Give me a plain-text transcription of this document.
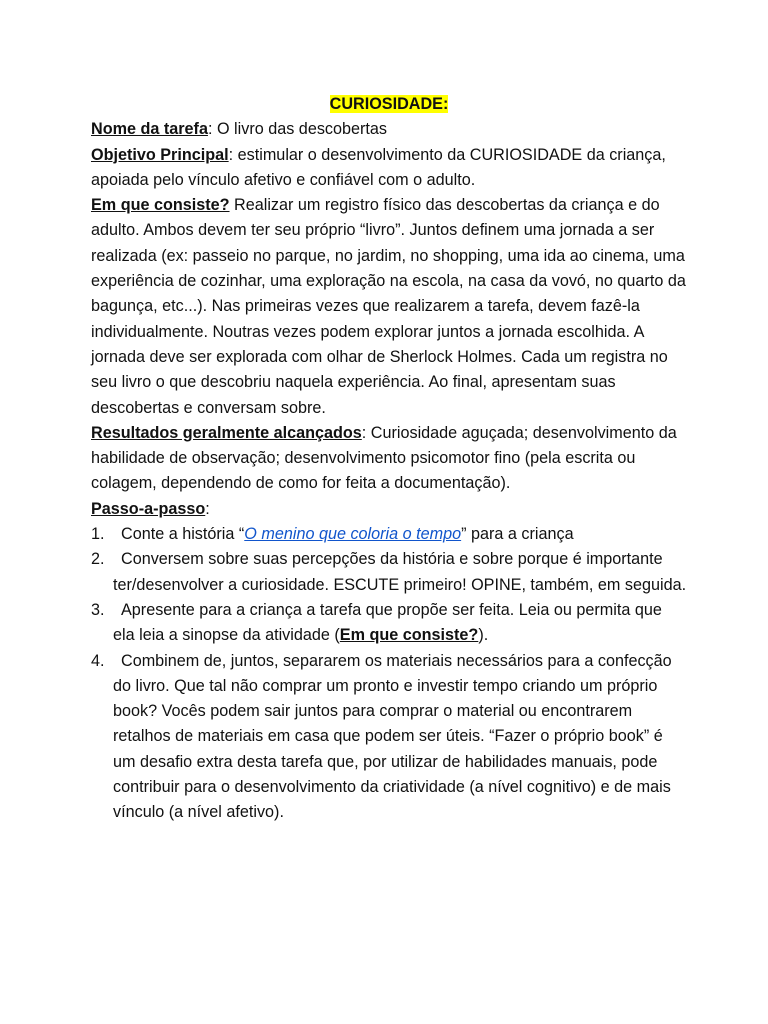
CURIOSIDADE:

Nome da tarefa: O livro das descobertas

Objetivo Principal: estimular o desenvolvimento da CURIOSIDADE da criança, apoiada pelo vínculo afetivo e confiável com o adulto.

Em que consiste? Realizar um registro físico das descobertas da criança e do adulto. Ambos devem ter seu próprio “livro”. Juntos definem uma jornada a ser realizada (ex: passeio no parque, no jardim, no shopping, uma ida ao cinema, uma experiência de cozinhar, uma exploração na escola, na casa da vovó, no quarto da bagunça, etc...). Nas primeiras vezes que realizarem a tarefa, devem fazê-la individualmente. Noutras vezes podem explorar juntos a jornada escolhida. A jornada deve ser explorada com olhar de Sherlock Holmes. Cada um registra no seu livro o que descobriu naquela experiência. Ao final, apresentam suas descobertas e conversam sobre.

Resultados geralmente alcançados: Curiosidade aguçada; desenvolvimento da habilidade de observação; desenvolvimento psicomotor fino (pela escrita ou colagem, dependendo de como for feita a documentação).

Passo-a-passo:

1. Conte a história “O menino que coloria o tempo” para a criança
2. Conversem sobre suas percepções da história e sobre porque é importante ter/desenvolver a curiosidade. ESCUTE primeiro! OPINE, também, em seguida.
3. Apresente para a criança a tarefa que propõe ser feita. Leia ou permita que ela leia a sinopse da atividade (Em que consiste?).
4. Combinem de, juntos, separarem os materiais necessários para a confecção do livro. Que tal não comprar um pronto e investir tempo criando um próprio book? Vocês podem sair juntos para comprar o material ou encontrarem retalhos de materiais em casa que podem ser úteis. “Fazer o próprio book” é um desafio extra desta tarefa que, por utilizar de habilidades manuais, pode contribuir para o desenvolvimento da criatividade (a nível cognitivo) e de mais vínculo (a nível afetivo).
